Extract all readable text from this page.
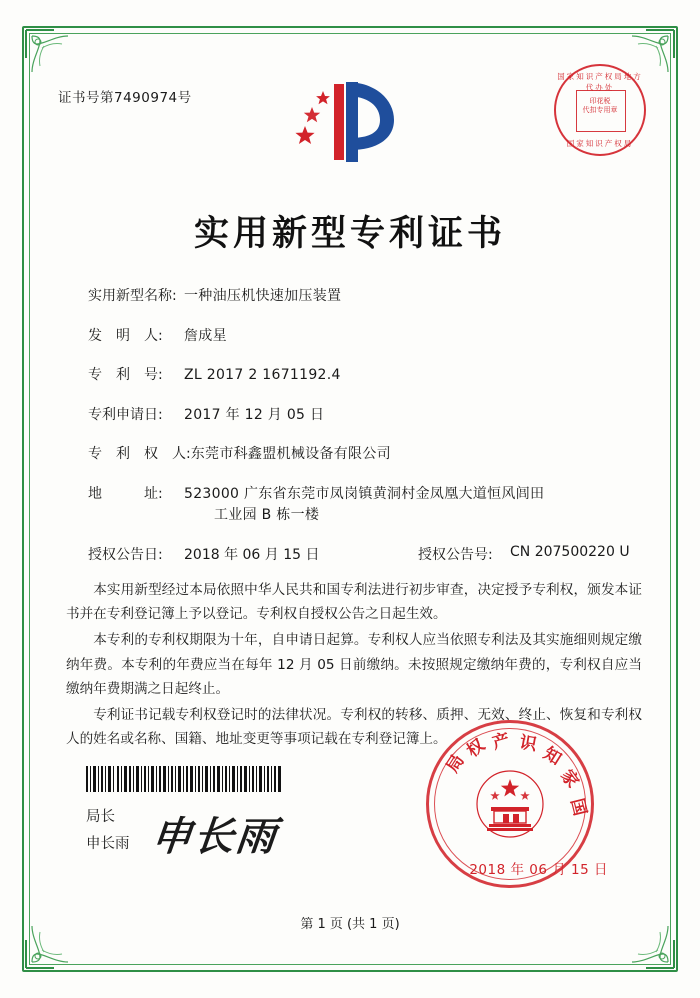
证书号第7490974号
国家知识产权局地方代办处
印花税
代扣专用章
国家知识产权局
实用新型专利证书
实用新型名称: 一种油压机快速加压装置
发　明　人:	詹成星
专　利　号:	ZL 2017 2 1671192.4
专利申请日:	2017 年 12 月 05 日
专　利　权　人: 东莞市科鑫盟机械设备有限公司
地　　　址:	523000 广东省东莞市凤岗镇黄洞村金凤凰大道恒风闾田
工业园 B 栋一楼
授权公告日:	2018 年 06 月 15 日	授权公告号:	CN 207500220 U

本实用新型经过本局依照中华人民共和国专利法进行初步审查，决定授予专利权，颁发本证书并在专利登记簿上予以登记。专利权自授权公告之日起生效。

本专利的专利权期限为十年，自申请日起算。专利权人应当依照专利法及其实施细则规定缴纳年费。本专利的年费应当在每年 12 月 05 日前缴纳。未按照规定缴纳年费的，专利权自应当缴纳年费期满之日起终止。

专利证书记载专利权登记时的法律状况。专利权的转移、质押、无效、终止、恢复和专利权人的姓名或名称、国籍、地址变更等事项记载在专利登记簿上。

局长
申长雨 申长雨
局
权 产 识 知
家
国
2018 年 06 月 15 日
第 1 页 (共 1 页)
